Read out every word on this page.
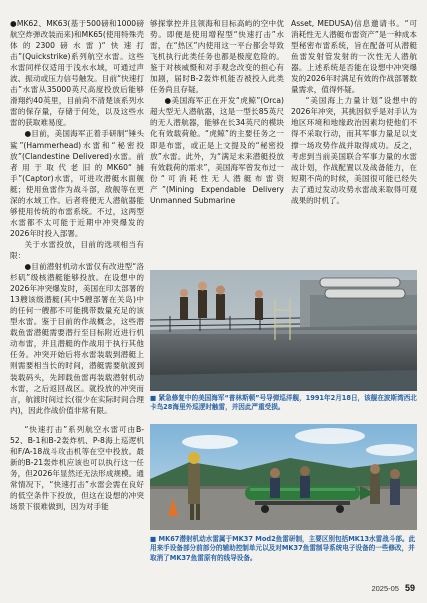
●MK62、MK63(基于500磅和1000磅航空炸弹改装而来)和MK65(使用特殊壳体的2300磅水雷)“快速打击”(Quickstrike)系列航空水雷。这些水雷同样仅适用于浅水水域，可通过声波、振动或压力信号触发。目前“快速打击”水雷从35000英尺高度投放后能够滑翔约40英里，目前尚不清楚该系列水雷的保存量，存储于何处，以及这些水雷的获取难易度。

●目前，美国海军正着手研制“锤头鲨”(Hammerhead)水雷和“秘密投放”(Clandestine Delivered)水雷。前者用于取代老旧的MK60“捕手”(Captor)水雷，可进攻潜艇水面舰艇；使用鱼雷作为战斗部，敌舰等在更深的水域工作。后者将便无人潜航器能够使用传统的布雷系统。不过，这两型水雷都不太可能于近期中冲突爆发的2026年时投入部署。

关于水雷投放，目前的选项相当有限：

●目前潜射机动水雷仅有改进型“洛杉矶”级核潜艇能够投放。在设想中的2026年冲突爆发时，美国在印太部署的13艘该级潜艇(其中5艘部署在关岛)中的任何一艘都不可能携带数量充足的该型水雷。鉴于目前的作战概念，这些潜载鱼雷潜艇需要潜行至目标附近进行机动布雷，并且潜艇的作战用于执行其他任务。冲突开始后将水雷装载到潜艇上则需要相当长的时间，潜艇需要航渡到装载码头，先卸载鱼雷再装载潜射机动水雷，之后返回战区。就投放的冲突而言，航渡时间过长(很少在实际时间合理内)，因此作战价值非常有限。

“快速打击”系列航空水雷可由B-52、B-1和B-2轰炸机、P-8海上巡逻机和F/A-18战斗攻击机等在空中投放。最新的B-21轰炸机应该也可以执行这一任务，但2026年显然还无法形成规模。通常情况下，“快速打击”水雷会需在良好的低空条件下投放，但这在设想的冲突场景下很难做到，因为对手能

够探掌控并且领海和目标高屿的空中优势。即便是使用增程型“快速打击”水雷，在“热区”内使用这一平台都会导致飞机执行此类任务也都是极度危险的。鉴于对核威慑和对手观念改变的担心有加剧，届时B-2轰炸机能否被投入此类任务尚且存疑。

●美国海军正在开发“虎鲸”(Orca)超大型无人潜航器，这是一型长85英尺的无人潜航器，能够在长34英尺的模块化有效载荷舱。“虎鲸”的主要任务之一即是布雷，或正是上文提及的“秘密投放”水雷。此外，为“满足未来潜艇投放有效载荷的需求”，美国海军曾发布过一份“可消耗性无人潜艇布雷资产”(Mining Expendable Delivery Unmanned Submarine

Asset, MEDUSA)信息邀请书。“可消耗性无人潜艇布雷资产”是一种成本型秘密布雷系统，旨在配备可从潜艇鱼雷发射管发射的一次性无人潜航器。上述系统是否能在设想中冲突爆发的2026年时满足有效的作战部署数量需求，值得怀疑。

“美国海上力量计划”设想中的2026年冲突，其挑因似乎是对手认为地区环境和地缘政治因素均使他们不得不采取行动，而其军事力量足以支撑一场攻势作战并取得成功。反之，考虑到当前美国联合军事力量的水雷战计划，作战配置以及战备能力，在短期不尚的时候，美国很可能已经失去了通过发动攻势水雷战来取得可观战果的时机了。

■ 紧急修复中的美国海军“普林斯顿”号导弹巡洋舰，1991年2月18日，该舰在波斯湾西北卡鸟28海里外巡逻时触雷，并因此严重受损。
■ MK67潜射机动水雷属于MK37 Mod2鱼雷研制，主要区别包括MK13水雷战斗部。此用来手设备部分前部分的辅助控制单元以及对MK37鱼雷制导系统电子设备的一些修改，并取消了MK37鱼雷原有的线导设备。
2025-05 59
